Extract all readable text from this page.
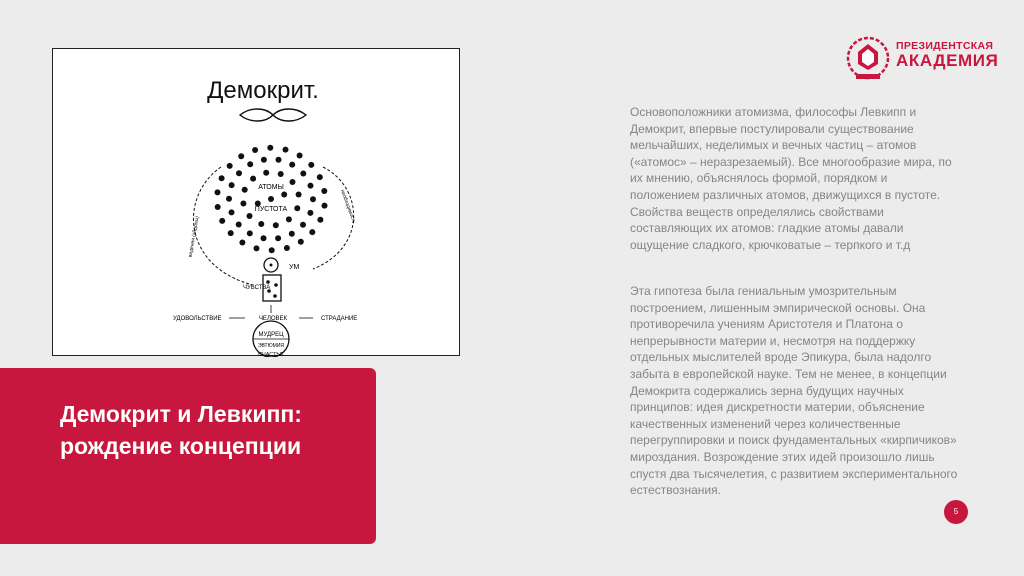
Демокрит.
АТОМЫ
ПУСТОТА	необходимость
видения (эйдолы)
УМ
ЧУВСТВА
УДОВОЛЬСТВИЕ	ЧЕЛОВЕК	СТРАДАНИЕ
МУДРЕЦ
ЭВТЮМИЯ
СЧАСТЬЕ
Демокрит и Левкипп:
рождение концепции
ПРЕЗИДЕНТСКАЯ
АКАДЕМИЯ
Основоположники атомизма, философы Левкипп и Демокрит, впервые постулировали существование мельчайших, неделимых и вечных частиц – атомов («атомос» – неразрезаемый). Все многообразие мира, по их мнению, объяснялось формой, порядком и положением различных атомов, движущихся в пустоте. Свойства веществ определялись свойствами составляющих их атомов: гладкие атомы давали ощущение сладкого, крючковатые – терпкого и т.д
Эта гипотеза была гениальным умозрительным построением, лишенным эмпирической основы. Она противоречила учениям Аристотеля и Платона о непрерывности материи и, несмотря на поддержку отдельных мыслителей вроде Эпикура, была надолго забыта в европейской науке. Тем не менее, в концепции Демокрита содержались зерна будущих научных принципов: идея дискретности материи, объяснение качественных изменений через количественные перегруппировки и поиск фундаментальных «кирпичиков» мироздания. Возрождение этих идей произошло лишь спустя два тысячелетия, с развитием экспериментального естествознания.
5
